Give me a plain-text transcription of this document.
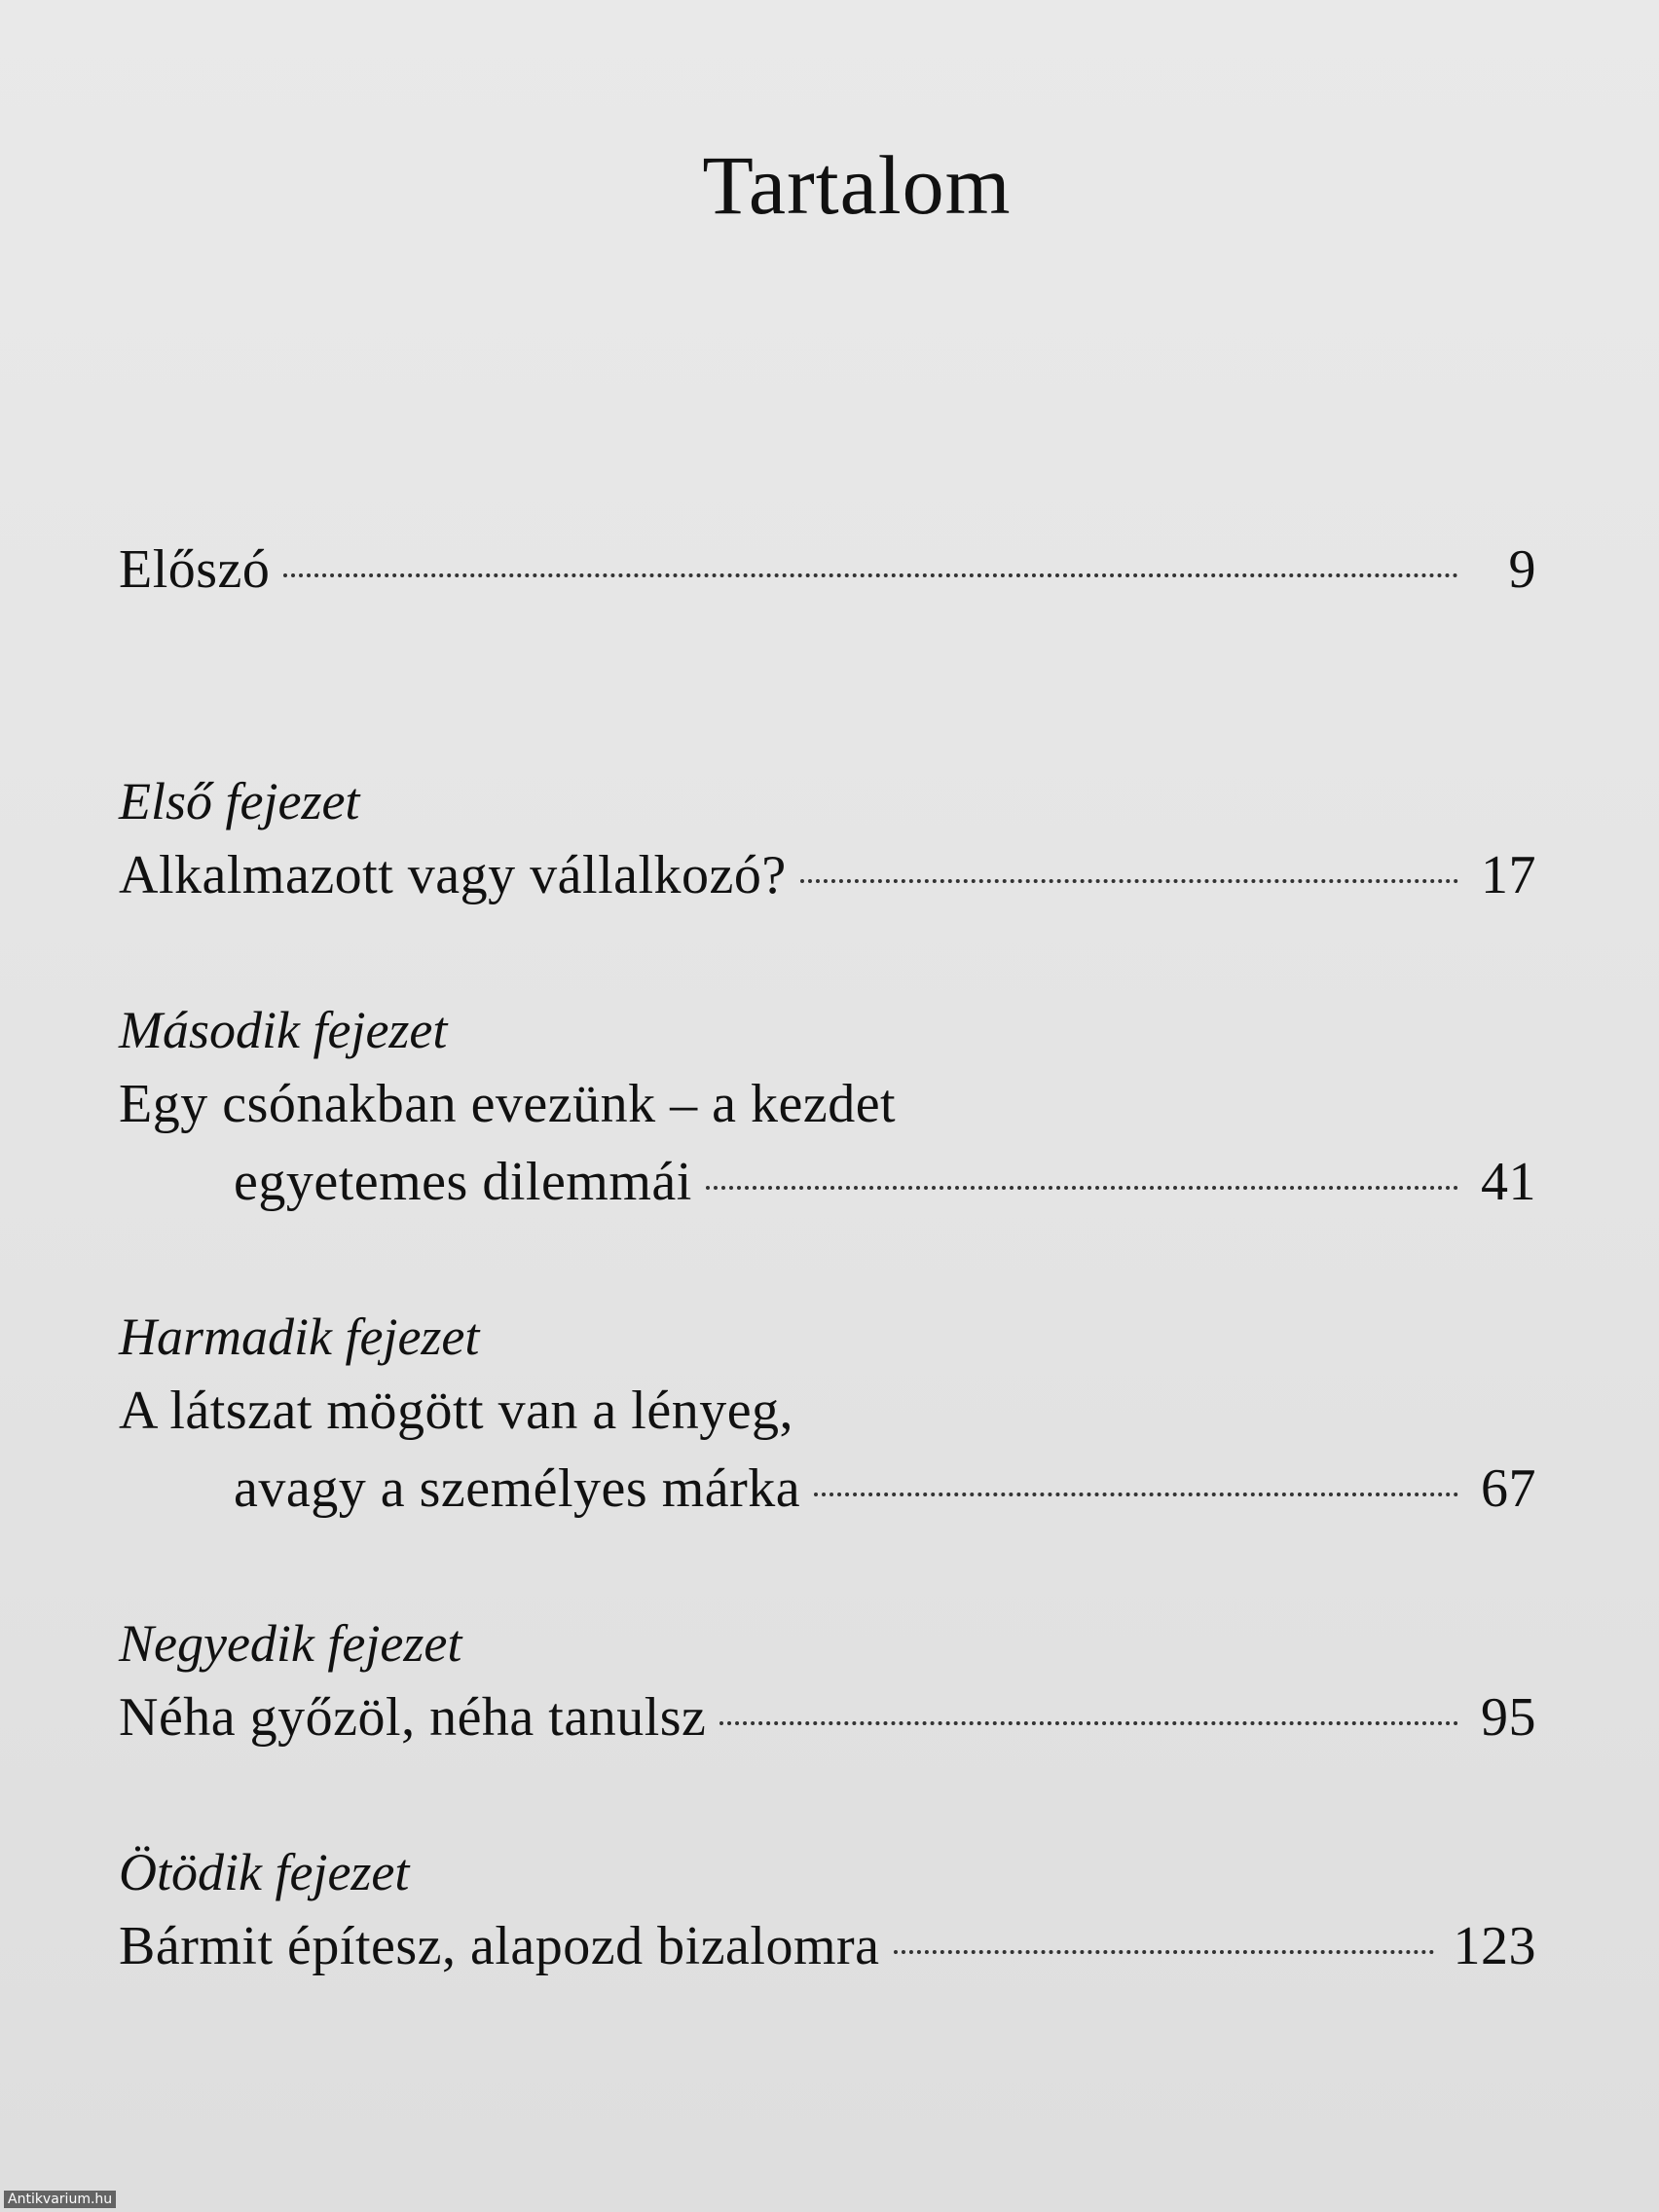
Tartalom
Előszó	9
Első fejezet
Alkalmazott vagy vállalkozó?	17
Második fejezet
Egy csónakban evezünk – a kezdet
egyetemes dilemmái	41
Harmadik fejezet
A látszat mögött van a lényeg,
avagy a személyes márka	67
Negyedik fejezet
Néha győzöl, néha tanulsz	95
Ötödik fejezet
Bármit építesz, alapozd bizalomra	123
Antikvarium.hu
